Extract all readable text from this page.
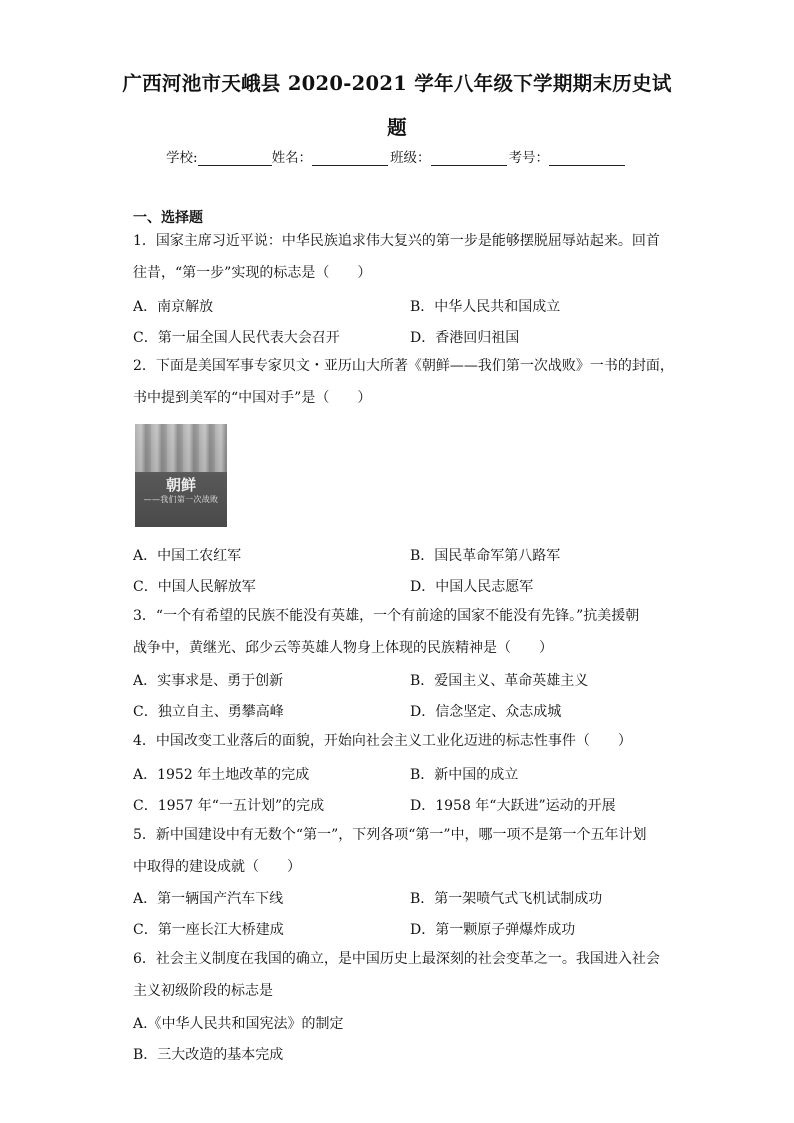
广西河池市天峨县 2020-2021 学年八年级下学期期末历史试
题
学校:	姓名：	班级：	考号：
一、选择题
1．国家主席习近平说：中华民族追求伟大复兴的第一步是能够摆脱屈辱站起来。回首
往昔，“第一步”实现的标志是（　　）
A．南京解放	B．中华人民共和国成立
C．第一届全国人民代表大会召开	D．香港回归祖国
2．下面是美国军事专家贝文・亚历山大所著《朝鲜——我们第一次战败》一书的封面，
书中提到美军的“中国对手”是（　　）
朝鲜
——我们第一次战败
A．中国工农红军	B．国民革命军第八路军
C．中国人民解放军	D．中国人民志愿军
3．“一个有希望的民族不能没有英雄，一个有前途的国家不能没有先锋。”抗美援朝
战争中，黄继光、邱少云等英雄人物身上体现的民族精神是（　　）
A．实事求是、勇于创新	B．爱国主义、革命英雄主义
C．独立自主、勇攀高峰	D．信念坚定、众志成城
4．中国改变工业落后的面貌，开始向社会主义工业化迈进的标志性事件（　　）
A．1952 年土地改革的完成	B．新中国的成立
C．1957 年“一五计划”的完成	D．1958 年“大跃进”运动的开展
5．新中国建设中有无数个“第一”，下列各项“第一”中，哪一项不是第一个五年计划
中取得的建设成就（　　）
A．第一辆国产汽车下线	B．第一架喷气式飞机试制成功
C．第一座长江大桥建成	D．第一颗原子弹爆炸成功
6．社会主义制度在我国的确立，是中国历史上最深刻的社会变革之一。我国进入社会
主义初级阶段的标志是
A.《中华人民共和国宪法》的制定
B．三大改造的基本完成
